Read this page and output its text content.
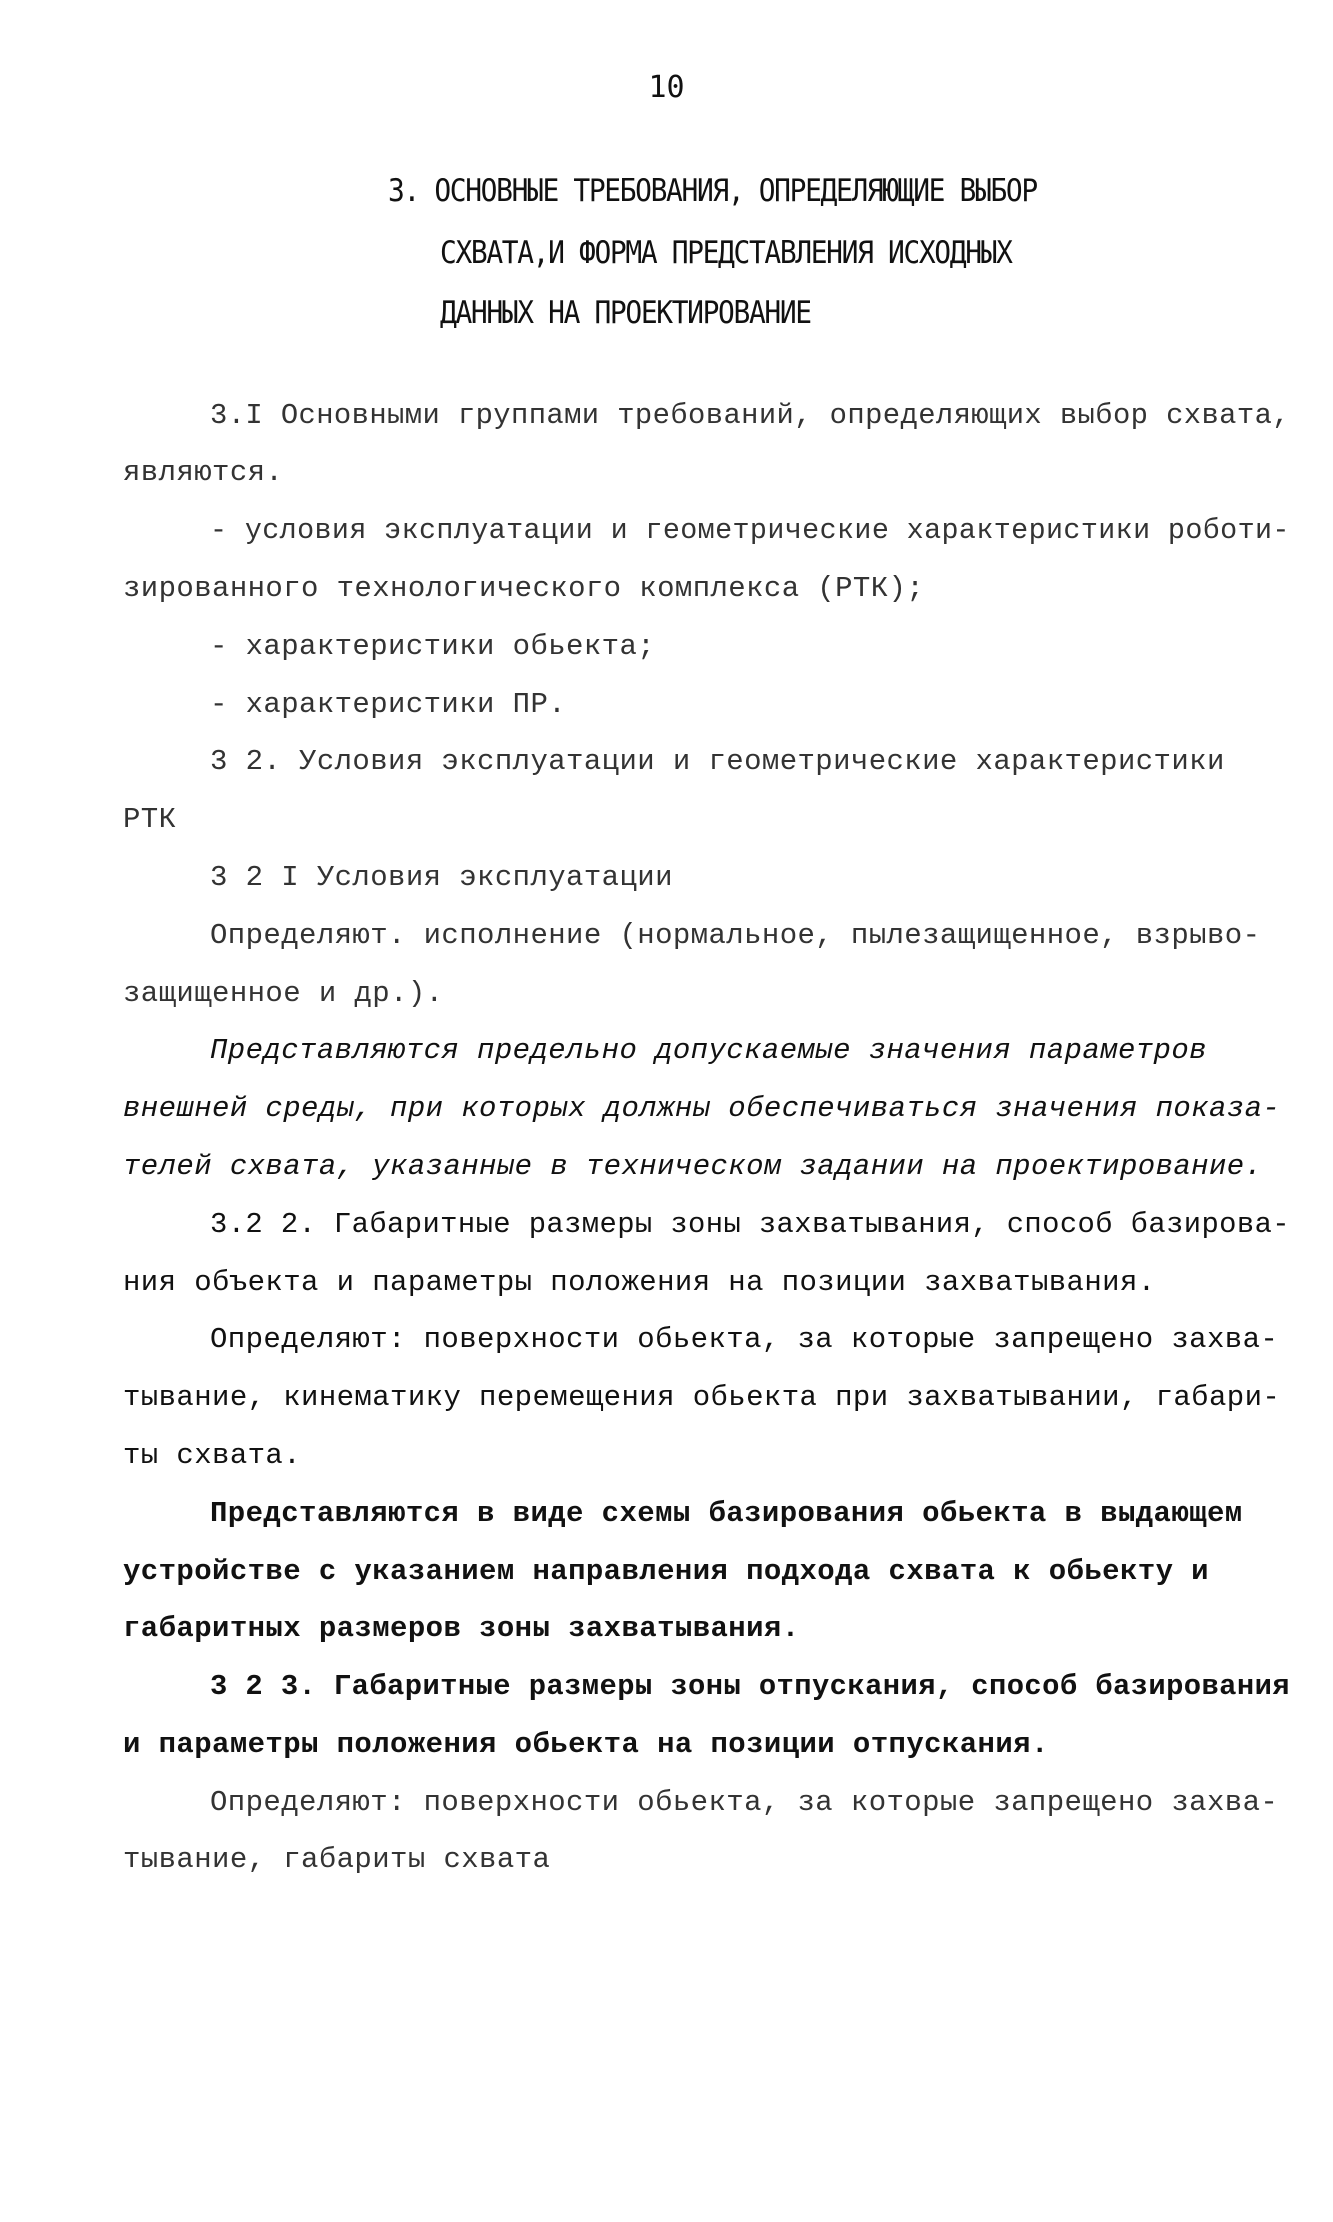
10
3. ОСНОВНЫЕ ТРЕБОВАНИЯ, ОПРЕДЕЛЯЮЩИЕ ВЫБОР
СХВАТА,И ФОРМА ПРЕДСТАВЛЕНИЯ ИСХОДНЫХ
ДАННЫХ НА ПРОЕКТИРОВАНИЕ
3.I Основными группами требований, определяющих выбор схвата,
являются.
- условия эксплуатации и геометрические характеристики роботи-
зированного технологического комплекса (РТК);
- характеристики обьекта;
- характеристики ПР.
3 2. Условия эксплуатации и геометрические характеристики
РТК
3 2 I Условия эксплуатации
Определяют. исполнение (нормальное, пылезащищенное, взрыво-
защищенное и др.).
Представляются предельно допускаемые значения параметров
внешней среды, при которых должны обеспечиваться значения показа-
телей схвата, указанные в техническом задании на проектирование.
3.2 2. Габаритные размеры зоны захватывания, способ базирова-
ния объекта и параметры положения на позиции захватывания.
Определяют: поверхности обьекта, за которые запрещено захва-
тывание, кинематику перемещения обьекта при захватывании, габари-
ты схвата.
Представляются в виде схемы базирования обьекта в выдающем
устройстве с указанием направления подхода схвата к обьекту и
габаритных размеров зоны захватывания.
3 2 3. Габаритные размеры зоны отпускания, способ базирования
и параметры положения обьекта на позиции отпускания.
Определяют: поверхности обьекта, за которые запрещено захва-
тывание, габариты схвата
